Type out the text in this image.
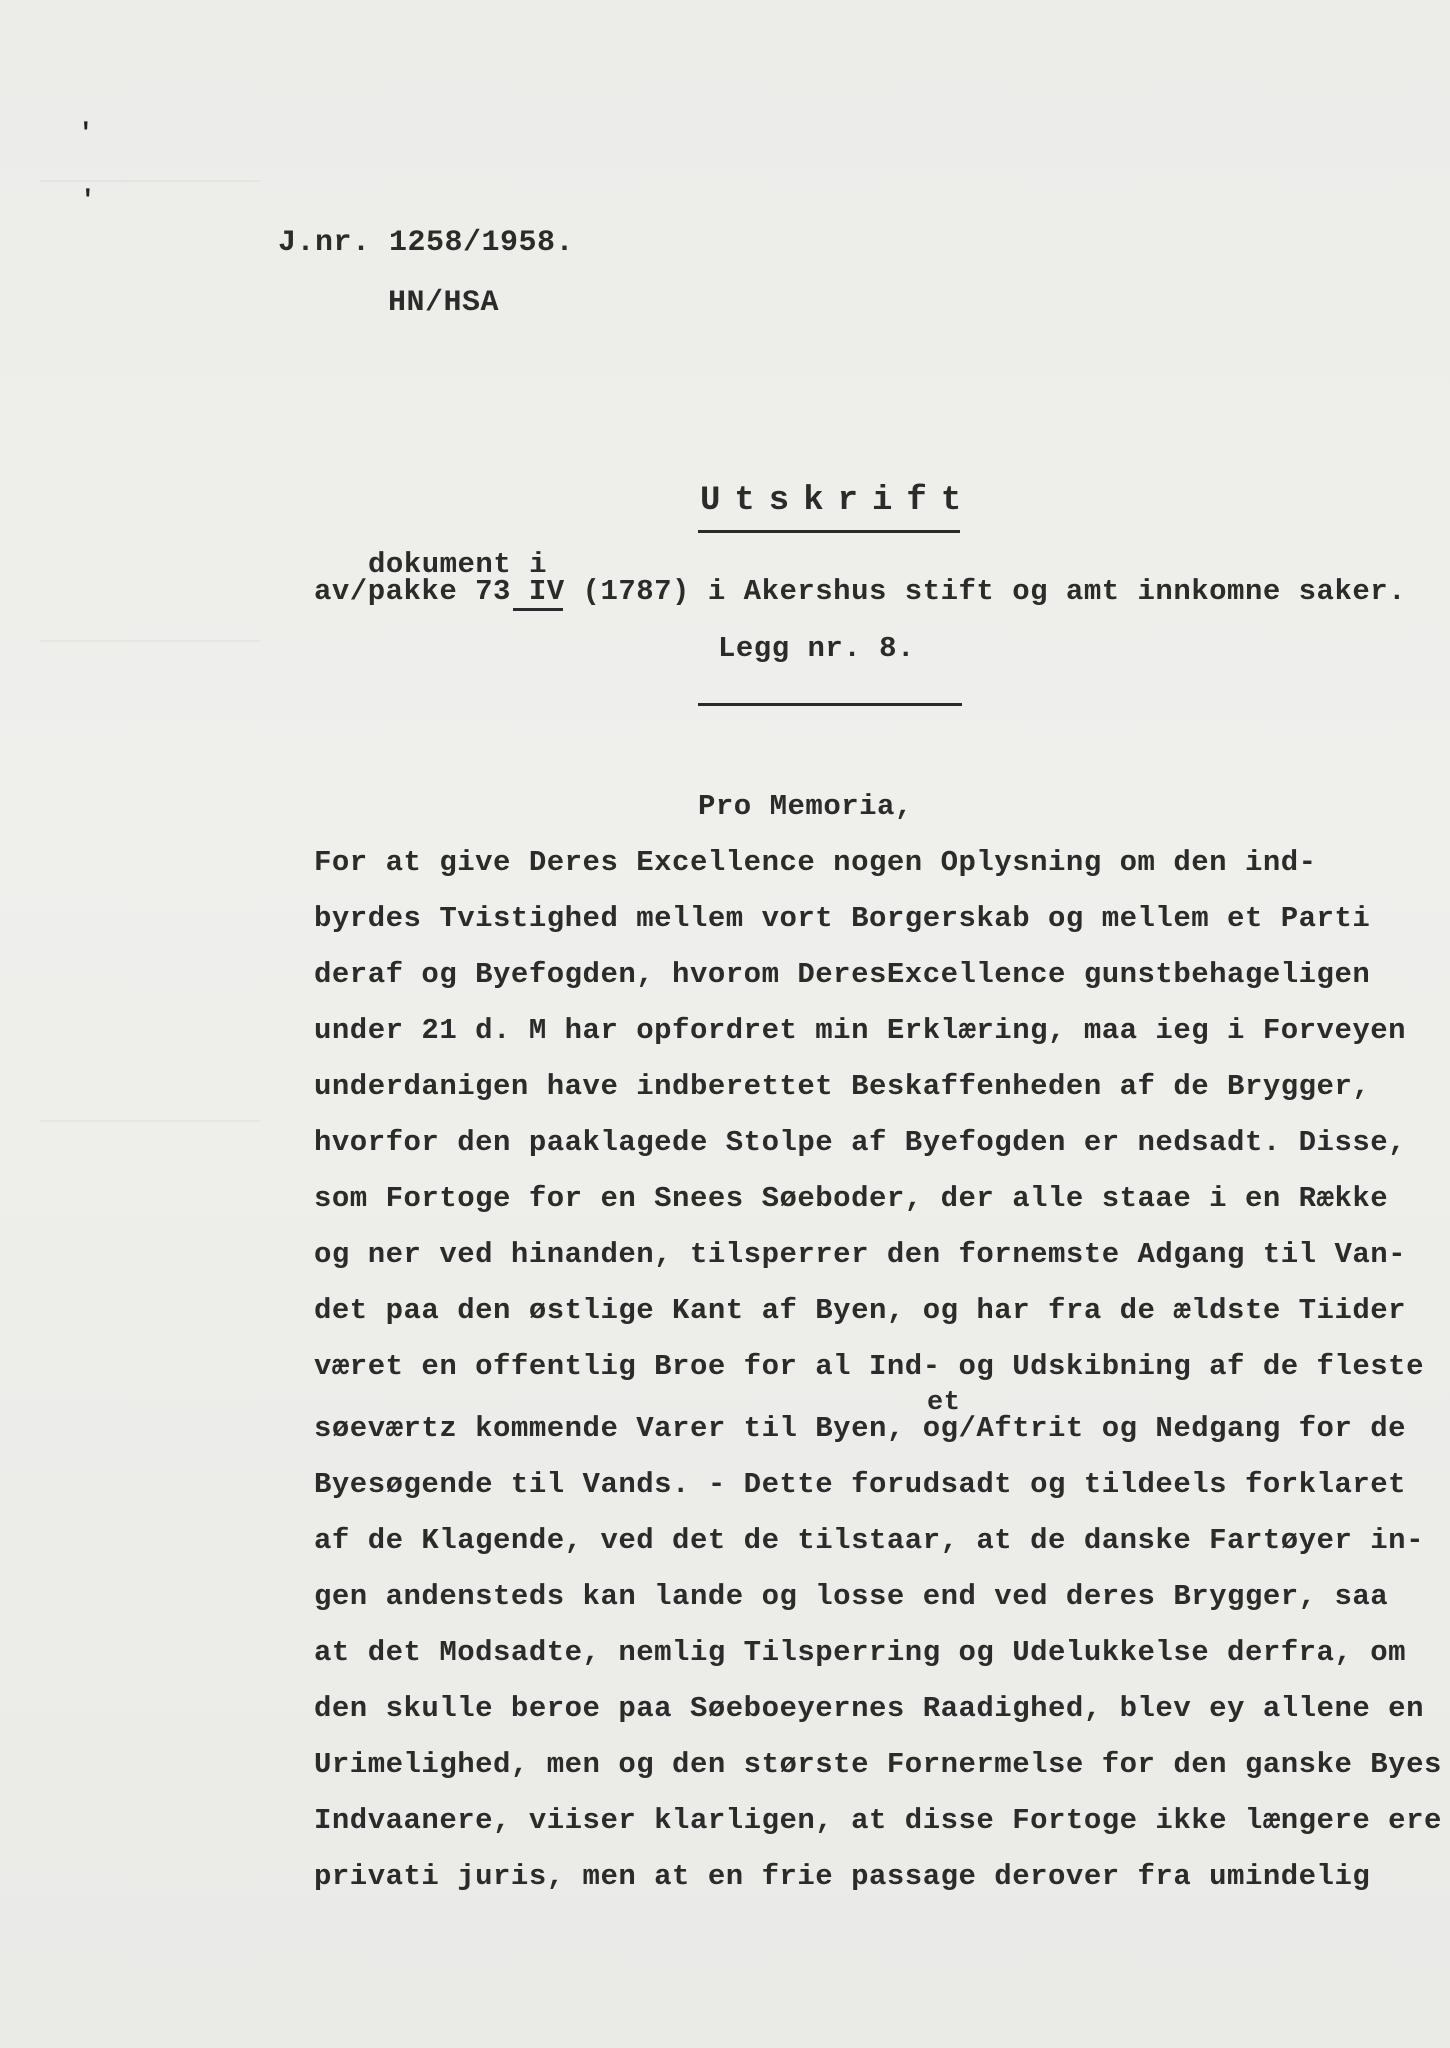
'
'
J.nr. 1258/1958.
HN/HSA
Utskrift
dokument i
av/pakke 73 IV (1787) i Akershus stift og amt innkomne saker.
Legg nr. 8.
Pro Memoria,
et
For at give Deres Excellence nogen Oplysning om den ind-
byrdes Tvistighed mellem vort Borgerskab og mellem et Parti
deraf og Byefogden, hvorom DeresExcellence gunstbehageligen
under 21 d. M har opfordret min Erklæring, maa ieg i Forveyen
underdanigen have indberettet Beskaffenheden af de Brygger,
hvorfor den paaklagede Stolpe af Byefogden er nedsadt. Disse,
som Fortoge for en Snees Søeboder, der alle staae i en Række
og ner ved hinanden, tilsperrer den fornemste Adgang til Van-
det paa den østlige Kant af Byen, og har fra de ældste Tiider
været en offentlig Broe for al Ind- og Udskibning af de fleste
søeværtz kommende Varer til Byen, og/Aftrit og Nedgang for de
Byesøgende til Vands. - Dette forudsadt og tildeels forklaret
af de Klagende, ved det de tilstaar, at de danske Fartøyer in-
gen andensteds kan lande og losse end ved deres Brygger, saa
at det Modsadte, nemlig Tilsperring og Udelukkelse derfra, om
den skulle beroe paa Søeboeyernes Raadighed, blev ey allene en
Urimelighed, men og den største Fornermelse for den ganske Byes
Indvaanere, viiser klarligen, at disse Fortoge ikke længere ere
privati juris, men at en frie passage derover fra umindelig
